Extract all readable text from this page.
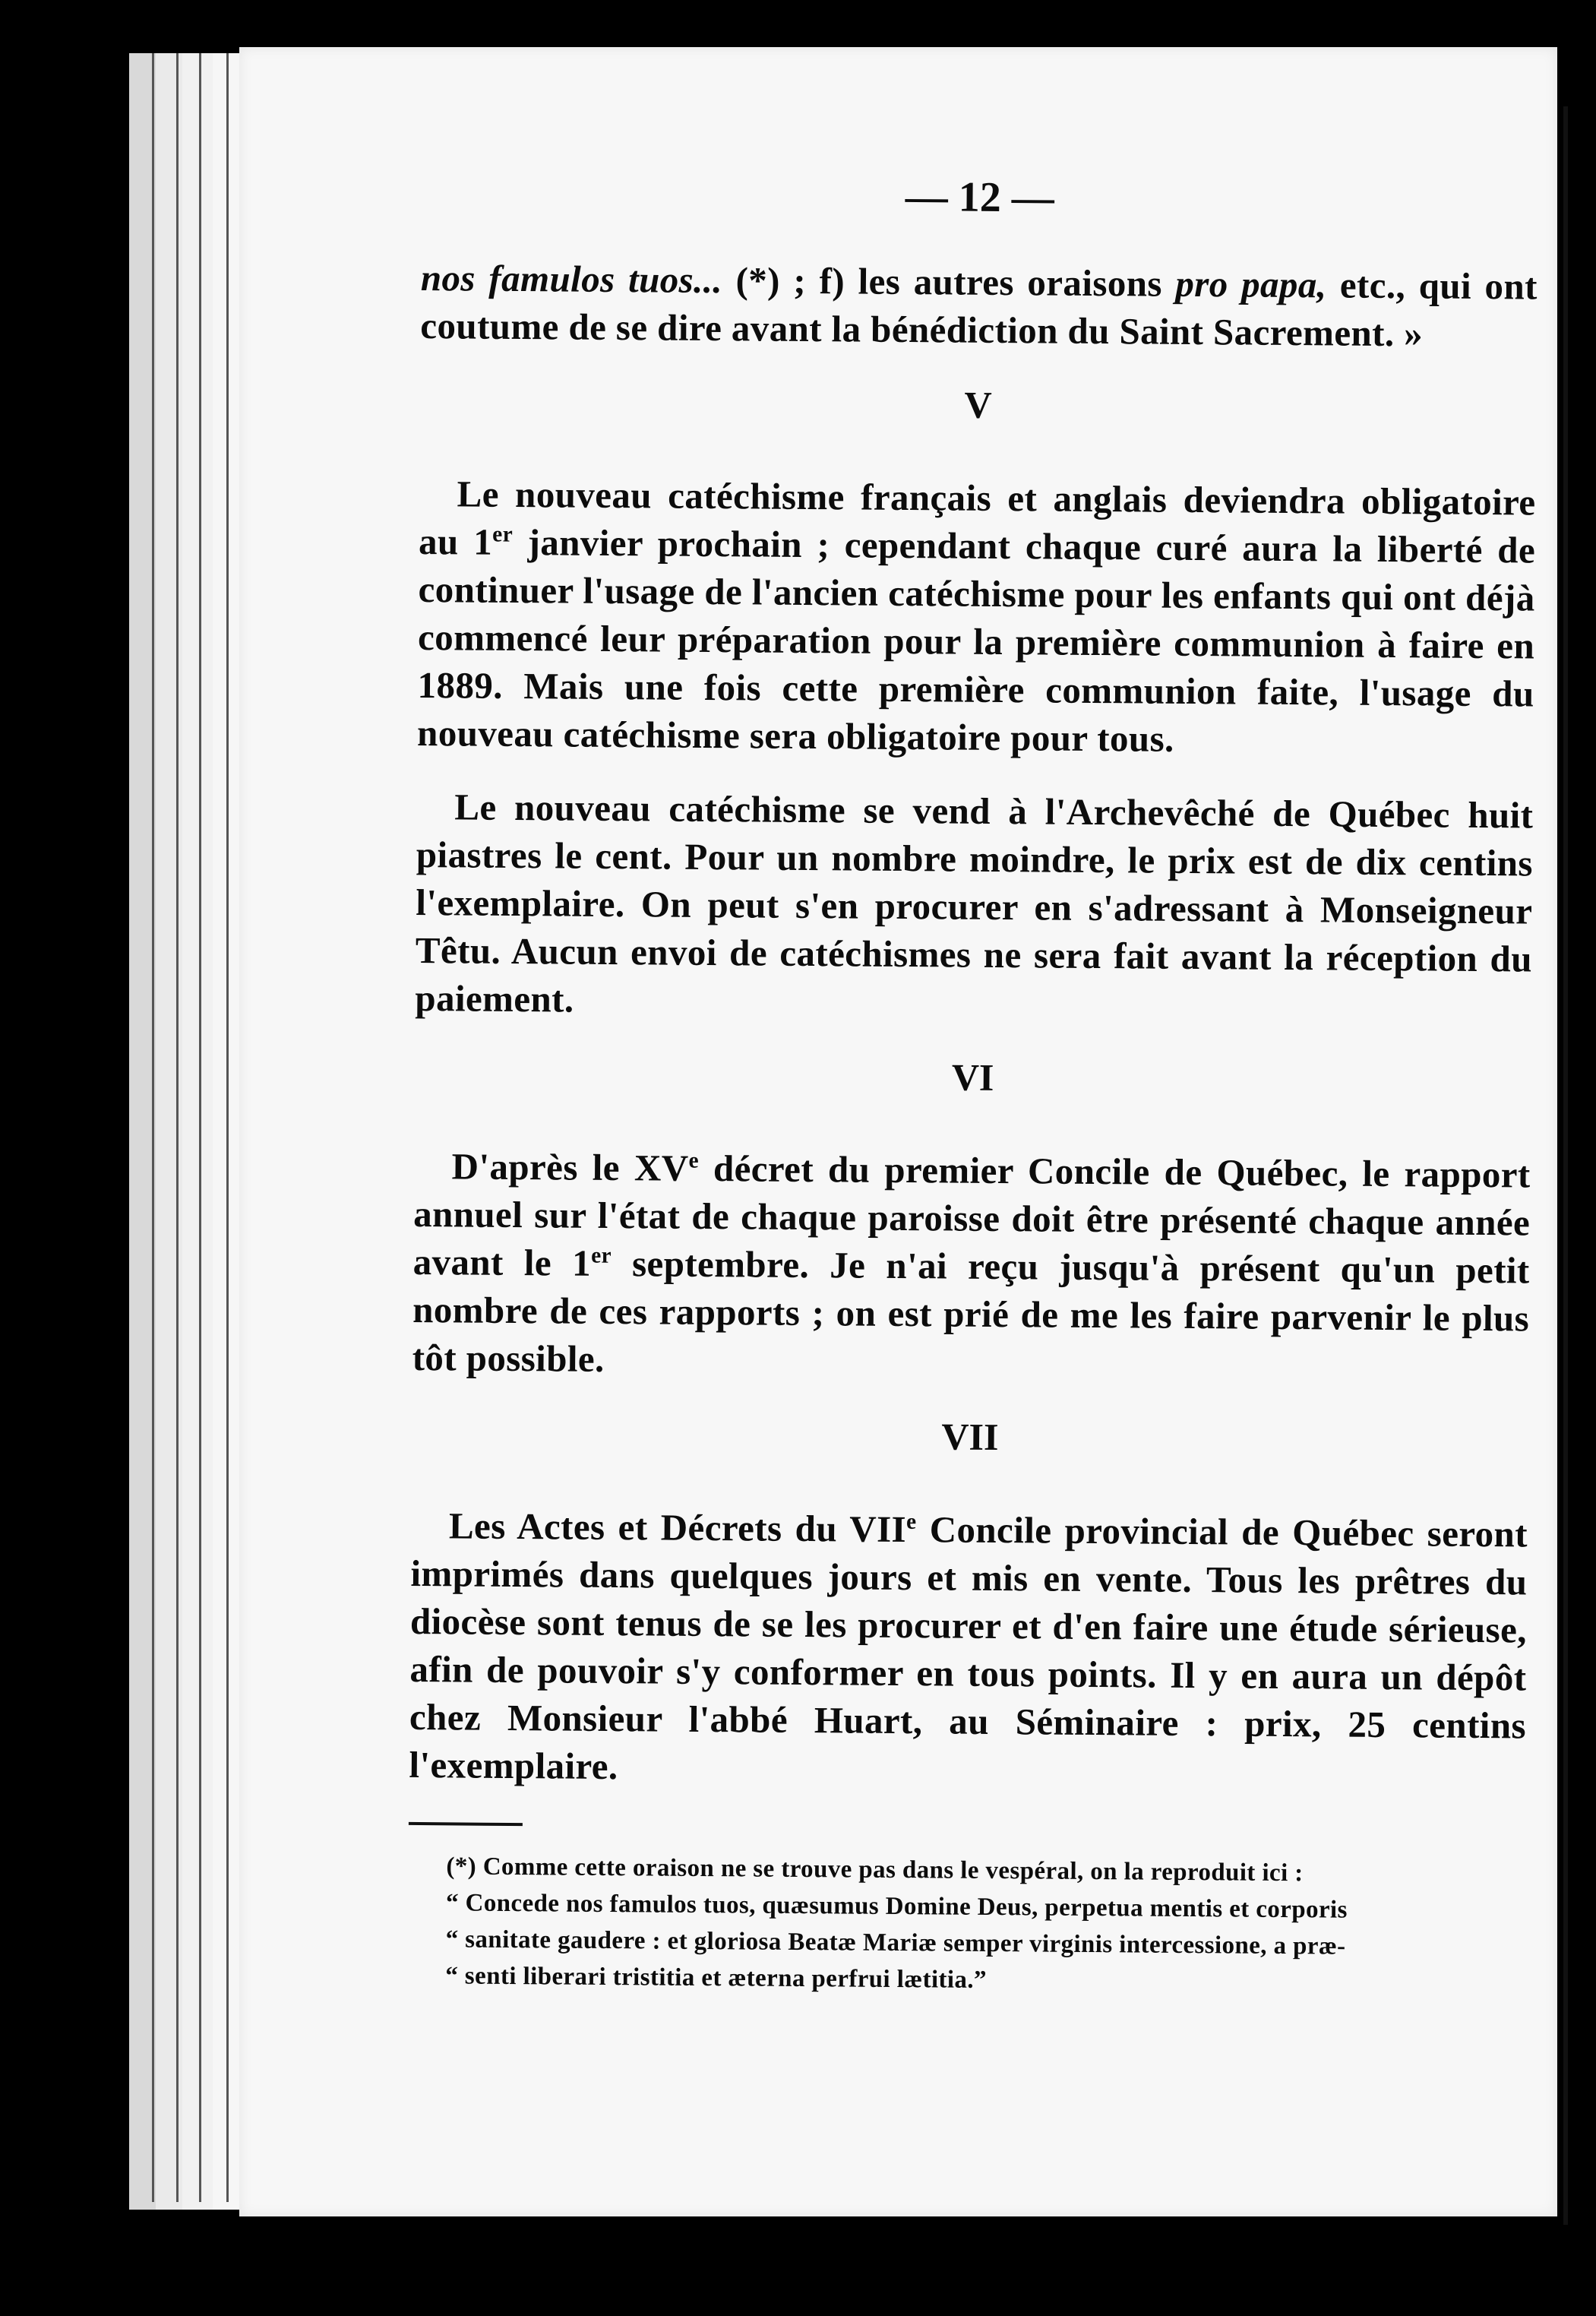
— 12 —

nos famulos tuos... (*) ; f) les autres oraisons pro papa, etc., qui ont coutume de se dire avant la bénédiction du Saint Sacrement. »

V

Le nouveau catéchisme français et anglais deviendra obligatoire au 1er janvier prochain ; cependant chaque curé aura la liberté de continuer l'usage de l'ancien catéchisme pour les enfants qui ont déjà commencé leur préparation pour la première communion à faire en 1889. Mais une fois cette première communion faite, l'usage du nouveau catéchisme sera obligatoire pour tous.

Le nouveau catéchisme se vend à l'Archevêché de Québec huit piastres le cent. Pour un nombre moindre, le prix est de dix centins l'exemplaire. On peut s'en procurer en s'adressant à Monseigneur Têtu. Aucun envoi de catéchismes ne sera fait avant la réception du paiement.

VI

D'après le XVe décret du premier Concile de Québec, le rapport annuel sur l'état de chaque paroisse doit être présenté chaque année avant le 1er septembre. Je n'ai reçu jusqu'à présent qu'un petit nombre de ces rapports ; on est prié de me les faire parvenir le plus tôt possible.

VII

Les Actes et Décrets du VIIe Concile provincial de Québec seront imprimés dans quelques jours et mis en vente. Tous les prêtres du diocèse sont tenus de se les procurer et d'en faire une étude sérieuse, afin de pouvoir s'y conformer en tous points. Il y en aura un dépôt chez Monsieur l'abbé Huart, au Séminaire : prix, 25 centins l'exemplaire.

(*) Comme cette oraison ne se trouve pas dans le vespéral, on la reproduit ici :
“ Concede nos famulos tuos, quæsumus Domine Deus, perpetua mentis et corporis
“ sanitate gaudere : et gloriosa Beatæ Mariæ semper virginis intercessione, a præ-
“ senti liberari tristitia et æterna perfrui lætitia.”
